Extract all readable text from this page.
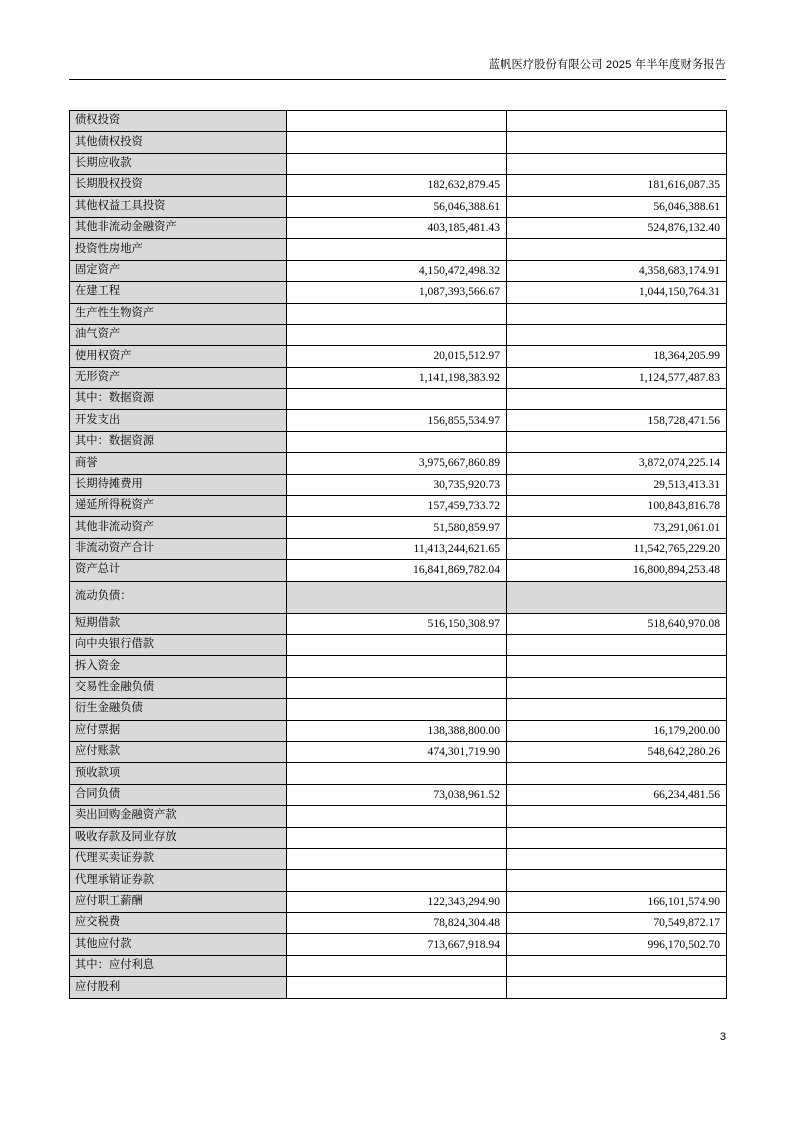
蓝帆医疗股份有限公司 2025 年半年度财务报告
债权投资		
其他债权投资		
长期应收款		
长期股权投资	182,632,879.45	181,616,087.35
其他权益工具投资	56,046,388.61	56,046,388.61
其他非流动金融资产	403,185,481.43	524,876,132.40
投资性房地产		
固定资产	4,150,472,498.32	4,358,683,174.91
在建工程	1,087,393,566.67	1,044,150,764.31
生产性生物资产		
油气资产		
使用权资产	20,015,512.97	18,364,205.99
无形资产	1,141,198,383.92	1,124,577,487.83
其中：数据资源		
开发支出	156,855,534.97	158,728,471.56
其中：数据资源		
商誉	3,975,667,860.89	3,872,074,225.14
长期待摊费用	30,735,920.73	29,513,413.31
递延所得税资产	157,459,733.72	100,843,816.78
其他非流动资产	51,580,859.97	73,291,061.01
非流动资产合计	11,413,244,621.65	11,542,765,229.20
资产总计	16,841,869,782.04	16,800,894,253.48
流动负债：		
短期借款	516,150,308.97	518,640,970.08
向中央银行借款		
拆入资金		
交易性金融负债		
衍生金融负债		
应付票据	138,388,800.00	16,179,200.00
应付账款	474,301,719.90	548,642,280.26
预收款项		
合同负债	73,038,961.52	66,234,481.56
卖出回购金融资产款		
吸收存款及同业存放		
代理买卖证券款		
代理承销证券款		
应付职工薪酬	122,343,294.90	166,101,574.90
应交税费	78,824,304.48	70,549,872.17
其他应付款	713,667,918.94	996,170,502.70
其中：应付利息		
应付股利		
3
